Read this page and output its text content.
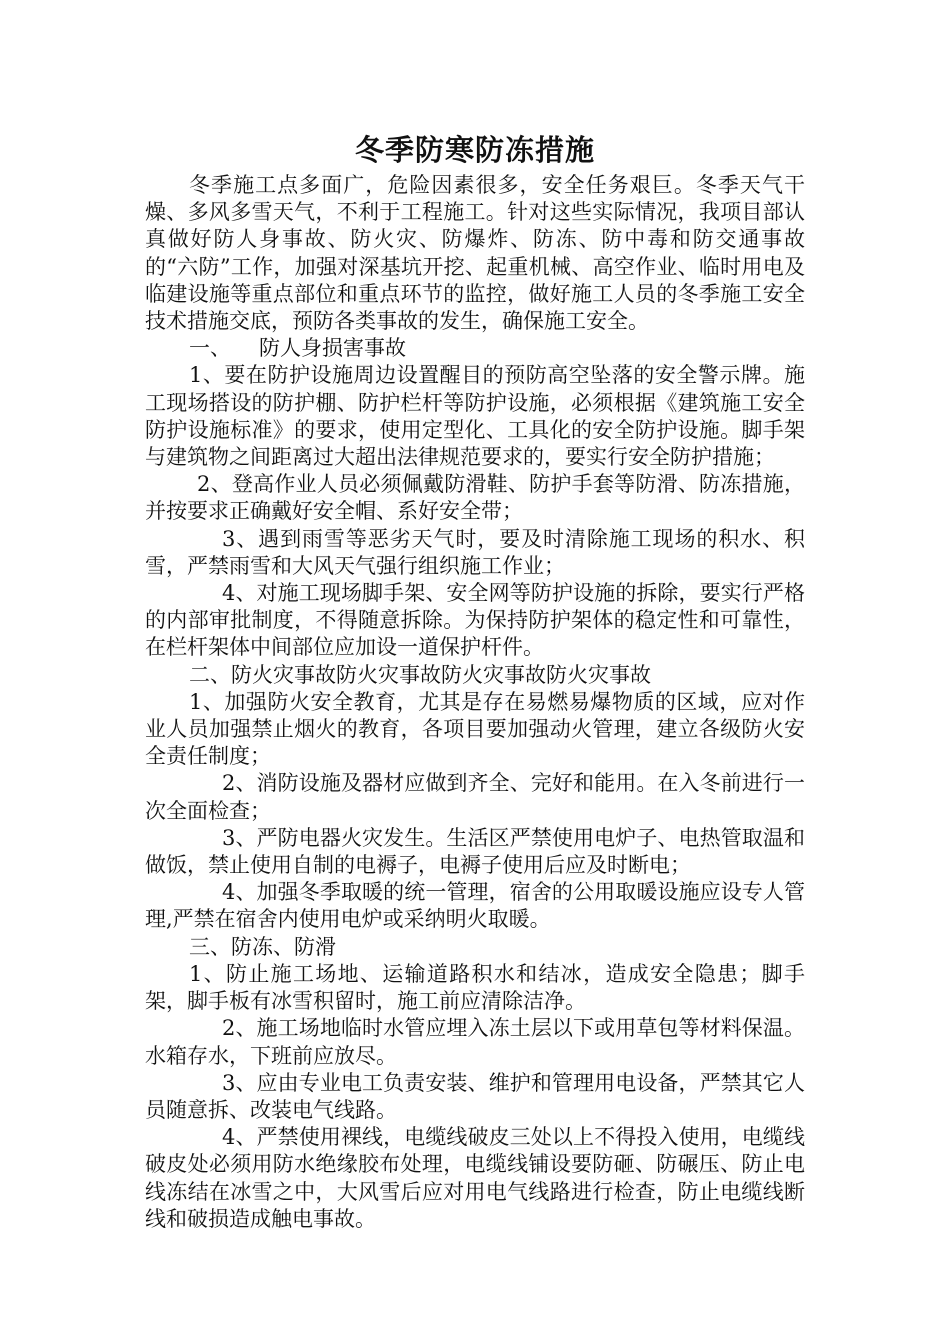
冬季防寒防冻措施

冬季施工点多面广，危险因素很多，安全任务艰巨。冬季天气干燥、多风多雪天气，不利于工程施工。针对这些实际情况，我项目部认真做好防人身事故、防火灾、防爆炸、防冻、防中毒和防交通事故的“六防”工作，加强对深基坑开挖、起重机械、高空作业、临时用电及临建设施等重点部位和重点环节的监控，做好施工人员的冬季施工安全技术措施交底，预防各类事故的发生，确保施工安全。

一、 防人身损害事故

1、要在防护设施周边设置醒目的预防高空坠落的安全警示牌。施工现场搭设的防护棚、防护栏杆等防护设施，必须根据《建筑施工安全防护设施标准》的要求，使用定型化、工具化的安全防护设施。脚手架与建筑物之间距离过大超出法律规范要求的，要实行安全防护措施；

2、登高作业人员必须佩戴防滑鞋、防护手套等防滑、防冻措施，并按要求正确戴好安全帽、系好安全带；

3、遇到雨雪等恶劣天气时，要及时清除施工现场的积水、积雪，严禁雨雪和大风天气强行组织施工作业；

4、对施工现场脚手架、安全网等防护设施的拆除，要实行严格的内部审批制度，不得随意拆除。为保持防护架体的稳定性和可靠性，在栏杆架体中间部位应加设一道保护杆件。

二、防火灾事故防火灾事故防火灾事故防火灾事故

1、加强防火安全教育，尤其是存在易燃易爆物质的区域，应对作业人员加强禁止烟火的教育，各项目要加强动火管理，建立各级防火安全责任制度；

2、消防设施及器材应做到齐全、完好和能用。在入冬前进行一次全面检查；

3、严防电器火灾发生。生活区严禁使用电炉子、电热管取温和做饭，禁止使用自制的电褥子，电褥子使用后应及时断电；

4、加强冬季取暖的统一管理，宿舍的公用取暖设施应设专人管理,严禁在宿舍内使用电炉或采纳明火取暖。

三、防冻、防滑

1、防止施工场地、运输道路积水和结冰，造成安全隐患；脚手架，脚手板有冰雪积留时，施工前应清除洁净。

2、施工场地临时水管应埋入冻土层以下或用草包等材料保温。水箱存水，下班前应放尽。

3、应由专业电工负责安装、维护和管理用电设备，严禁其它人员随意拆、改装电气线路。

4、严禁使用裸线，电缆线破皮三处以上不得投入使用，电缆线破皮处必须用防水绝缘胶布处理，电缆线铺设要防砸、防碾压、防止电线冻结在冰雪之中，大风雪后应对用电气线路进行检查，防止电缆线断线和破损造成触电事故。
